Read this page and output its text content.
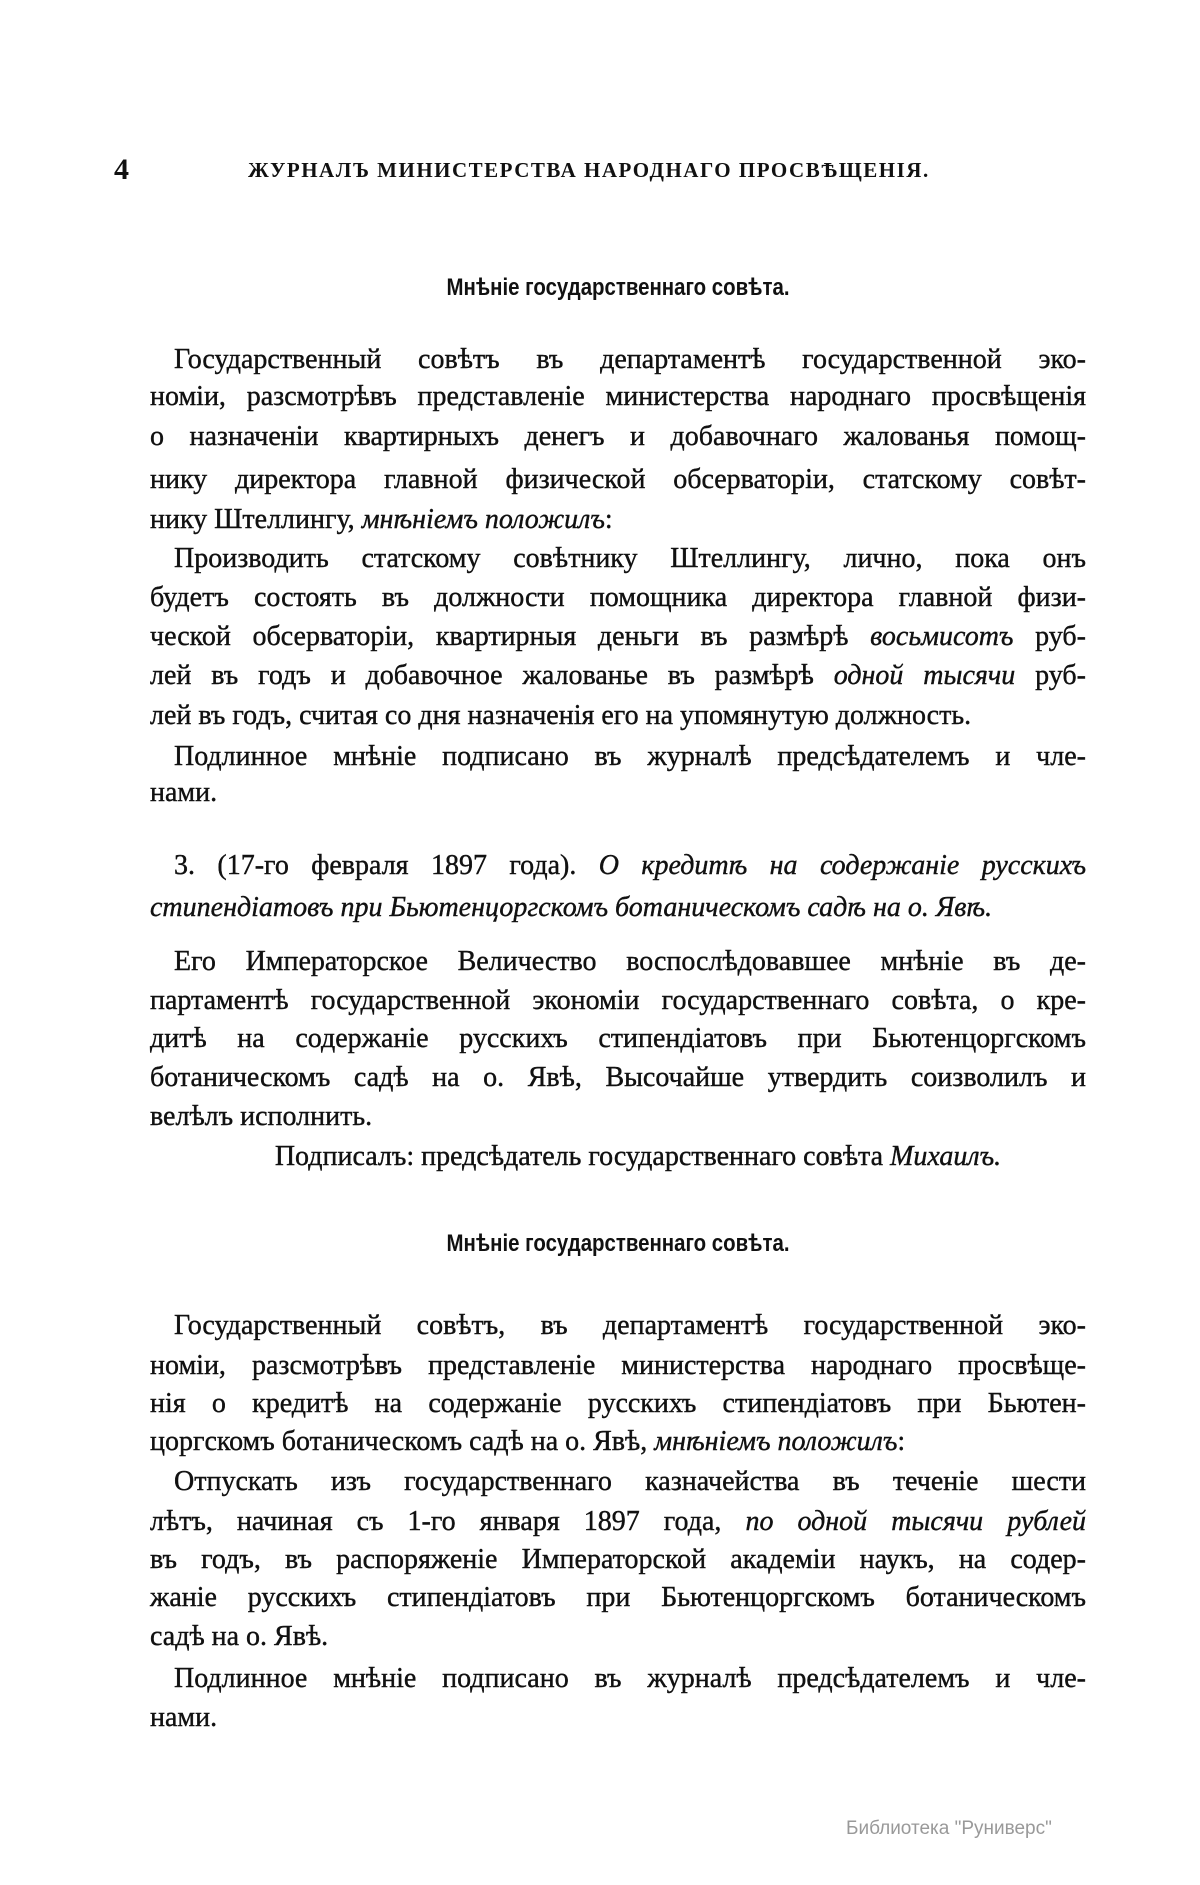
4	ЖУРНАЛЪ МИНИСТЕРСТВА НАРОДНАГО ПРОСВѢЩЕНІЯ.
Мнѣніе государственнаго совѣта.
Мнѣніе государственнаго совѣта.
Государственный совѣтъ въ департаментѣ государственной эко-
номіи, разсмотрѣвъ представленіе министерства народнаго просвѣщенія
о назначеніи квартирныхъ денегъ и добавочнаго жалованья помощ-
нику директора главной физической обсерваторіи, статскому совѣт-
нику Штеллингу, мнѣніемъ положилъ:
Производить статскому совѣтнику Штеллингу, лично, пока онъ
будетъ состоять въ должности помощника директора главной физи-
ческой обсерваторіи, квартирныя деньги въ размѣрѣ восьмисотъ руб-
лей въ годъ и добавочное жалованье въ размѣрѣ одной тысячи руб-
лей въ годъ, считая со дня назначенія его на упомянутую должность.
Подлинное мнѣніе подписано въ журналѣ предсѣдателемъ и чле-
нами.
3. (17-го февраля 1897 года). О кредитѣ на содержаніе русскихъ
стипендіатовъ при Бьютенцоргскомъ ботаническомъ садѣ на о. Явѣ.
Его Императорское Величество воспослѣдовавшее мнѣніе въ де-
партаментѣ государственной экономіи государственнаго совѣта, о кре-
дитѣ на содержаніе русскихъ стипендіатовъ при Бьютенцоргскомъ
ботаническомъ садѣ на о. Явѣ, Высочайше утвердить соизволилъ и
велѣлъ исполнить.
Подписалъ: предсѣдатель государственнаго совѣта Михаилъ.
Государственный совѣтъ, въ департаментѣ государственной эко-
номіи, разсмотрѣвъ представленіе министерства народнаго просвѣще-
нія о кредитѣ на содержаніе русскихъ стипендіатовъ при Бьютен-
цоргскомъ ботаническомъ садѣ на о. Явѣ, мнѣніемъ положилъ:
Отпускать изъ государственнаго казначейства въ теченіе шести
лѣтъ, начиная съ 1-го января 1897 года, по одной тысячи рублей
въ годъ, въ распоряженіе Императорской академіи наукъ, на содер-
жаніе русскихъ стипендіатовъ при Бьютенцоргскомъ ботаническомъ
садѣ на о. Явѣ.
Подлинное мнѣніе подписано въ журналѣ предсѣдателемъ и чле-
нами.
Библиотека "Руниверс"
